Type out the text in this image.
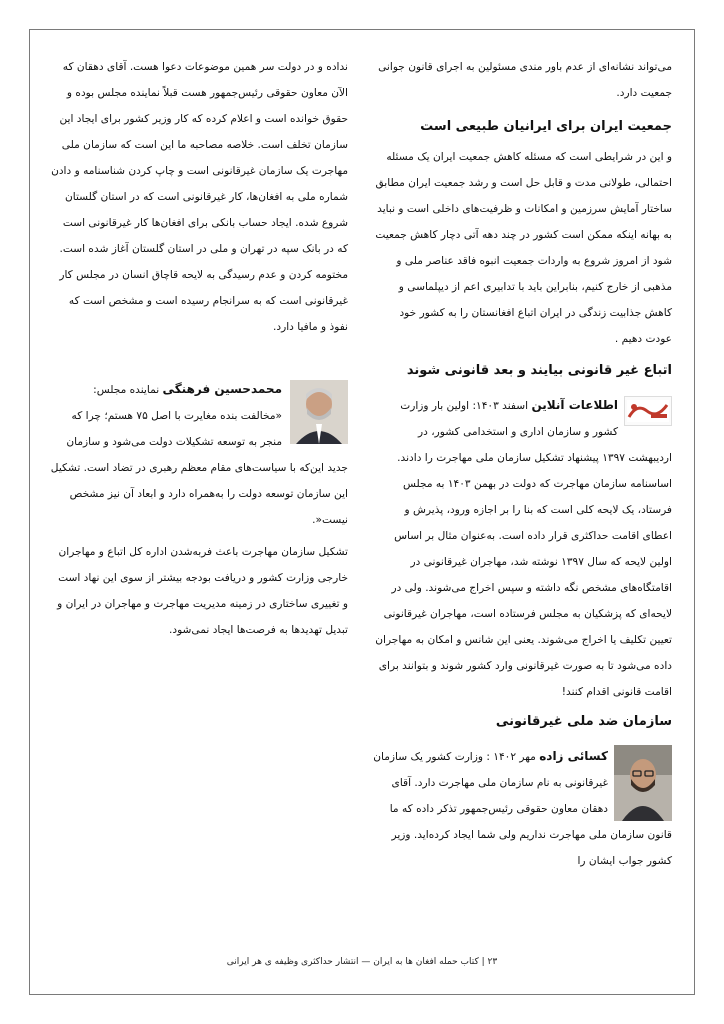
می‌تواند نشانه‌ای از عدم باور مندی مسئولین به اجرای قانون جوانی جمعیت دارد.

جمعیت ایران برای ایرانیان طبیعی است

و این در شرایطی است که مسئله کاهش جمعیت ایران یک مسئله احتمالی، طولانی مدت و قابل حل است و رشد جمعیت ایران مطابق ساختار آمایش سرزمین و امکانات و ظرفیت‌های داخلی است و نباید به بهانه اینکه ممکن است کشور در چند دهه آتی دچار کاهش جمعیت شود از امروز شروع به واردات جمعیت انبوه فاقد عناصر ملی و مذهبی از خارج کنیم، بنابراین باید با تدابیری اعم از دیپلماسی و کاهش جذابیت زندگی در ایران اتباع افغانستان را به کشور خود عودت دهیم .

اتباع غیر قانونی بیایند و بعد قانونی شوند

اطلاعات آنلاین اسفند ۱۴۰۳: اولین بار وزارت کشور و سازمان اداری و استخدامی کشور، در اردیبهشت ۱۳۹۷ پیشنهاد تشکیل سازمان ملی مهاجرت را دادند.

اساسنامه سازمان مهاجرت که دولت در بهمن ۱۴۰۳ به مجلس فرستاد، یک لایحه کلی است که بنا را بر اجازه ورود، پذیرش و اعطای اقامت حداکثری قرار داده است. به‌عنوان مثال بر اساس اولین لایحه که سال ۱۳۹۷ نوشته شد، مهاجران غیرقانونی در اقامتگاه‌های مشخص نگه داشته و سپس اخراج می‌شوند. ولی در لایحه‌ای که پزشکیان به مجلس فرستاده است، مهاجران غیرقانونی تعیین تکلیف یا اخراج می‌شوند. یعنی این شانس و امکان به مهاجران داده می‌شود تا به صورت غیرقانونی وارد کشور شوند و بتوانند برای اقامت قانونی اقدام کنند!

سازمان ضد ملی غیرقانونی

کسائی زاده مهر ۱۴۰۲ : وزارت کشور یک سازمان غیرقانونی به نام سازمان ملی مهاجرت دارد. آقای دهقان معاون حقوقی رئیس‌جمهور تذکر داده که ما قانون سازمان ملی مهاجرت نداریم ولی شما ایجاد کرده‌اید. وزیر کشور جواب ایشان را

نداده و در دولت سر همین موضوعات دعوا هست. آقای دهقان که الآن معاون حقوقی رئیس‌جمهور هست قبلاً نماینده مجلس بوده و حقوق خوانده است و اعلام کرده که کار وزیر کشور برای ایجاد این سازمان تخلف است. خلاصه مصاحبه ما این است که سازمان ملی مهاجرت یک سازمان غیرقانونی است و چاپ کردن شناسنامه و دادن شماره ملی به افغان‌ها، کار غیرقانونی است که در استان گلستان شروع شده. ایجاد حساب بانکی برای افغان‌ها کار غیرقانونی است که در بانک سپه در تهران و ملی در استان گلستان آغاز شده است. مختومه کردن و عدم رسیدگی به لایحه قاچاق انسان در مجلس کار غیرقانونی است که به سرانجام رسیده است و مشخص است که نفوذ و مافیا دارد.

محمدحسین فرهنگی نماینده مجلس: «مخالفت بنده مغایرت با اصل ۷۵ هستم؛ چرا که منجر به توسعه تشکیلات دولت می‌شود و سازمان جدید این‌که با سیاست‌های مقام معظم رهبری در تضاد است. تشکیل این سازمان توسعه دولت را به‌همراه دارد و ابعاد آن نیز مشخص نیست«.

تشکیل سازمان مهاجرت باعث فربه‌شدن اداره کل اتباع و مهاجران خارجی وزارت کشور و دریافت بودجه بیشتر از سوی این نهاد است و تغییری ساختاری در زمینه مدیریت مهاجرت و مهاجران در ایران و تبدیل تهدیدها به فرصت‌ها ایجاد نمی‌شود.

۲۳ | کتاب حمله افغان ها به ایران — انتشار حداکثری وظیفه ی هر ایرانی
